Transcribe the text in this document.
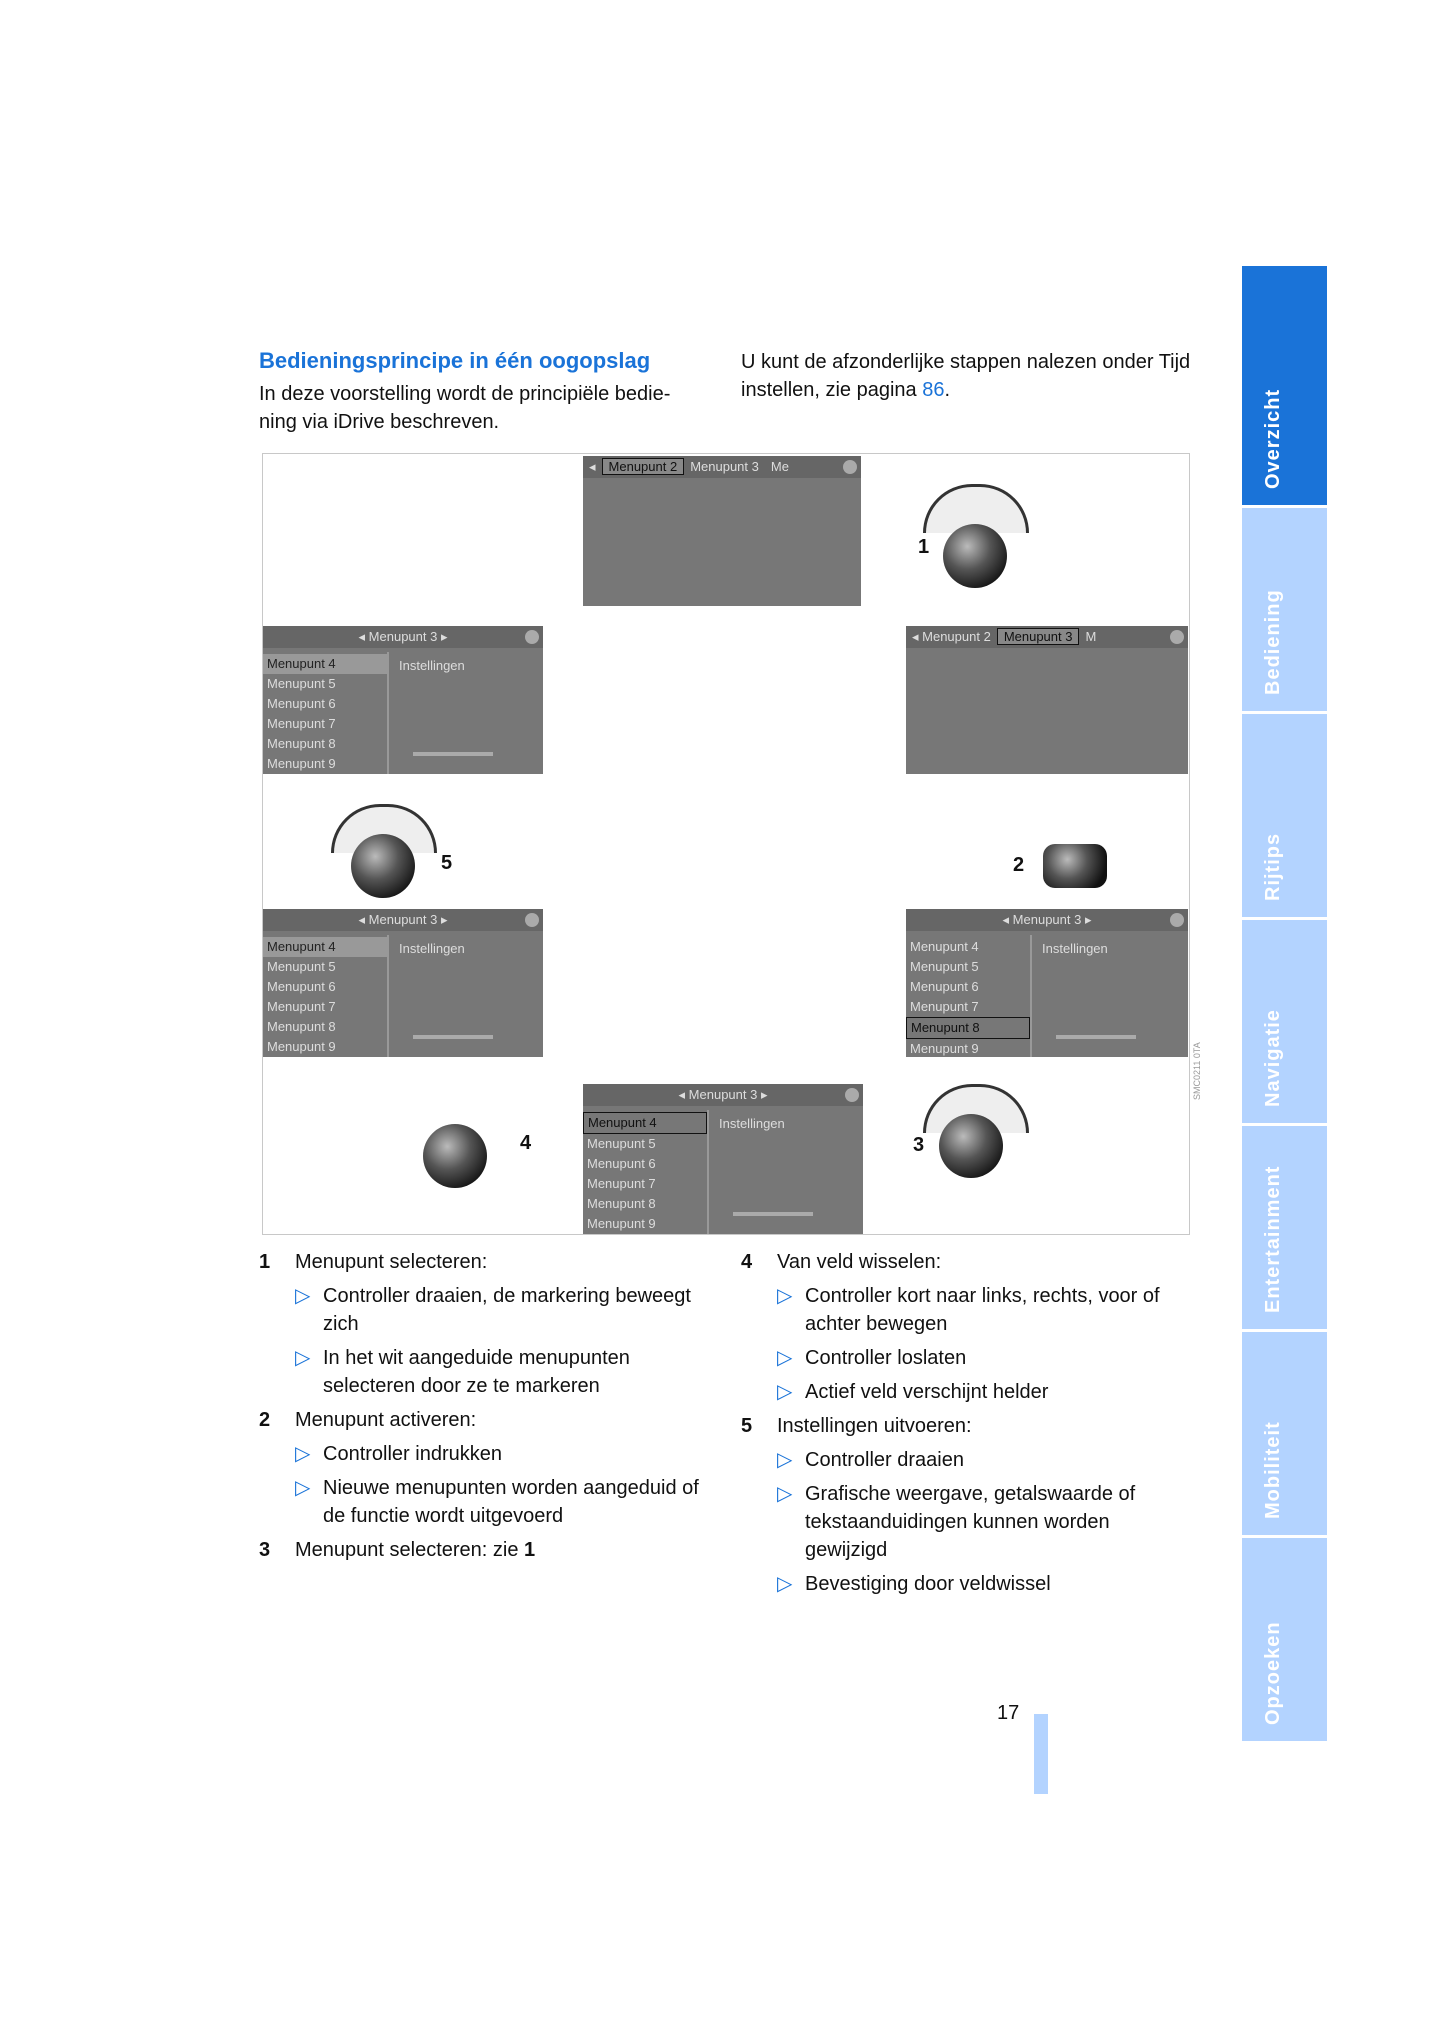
Bedieningsprincipe in één oogopslag
In deze voorstelling wordt de principiële bedie-ning via iDrive beschreven.
U kunt de afzonderlijke stappen nalezen onder Tijd instellen, zie pagina 86.
◂ Menupunt 2 Menupunt 3 Me
◂ Menupunt 2 Menupunt 3 M
◂ Menupunt 3 ▸
Menupunt 4
Menupunt 5
Menupunt 6
Menupunt 7
Menupunt 8
Menupunt 9
Instellingen
◂ Menupunt 3 ▸
Menupunt 4
Menupunt 5
Menupunt 6
Menupunt 7
Menupunt 8
Menupunt 9
Instellingen
◂ Menupunt 3 ▸
Menupunt 4
Menupunt 5
Menupunt 6
Menupunt 7
Menupunt 8
Menupunt 9
Instellingen
◂ Menupunt 3 ▸
Menupunt 4
Menupunt 5
Menupunt 6
Menupunt 7
Menupunt 8
Menupunt 9
Instellingen
1
2
3
4
5
SMC0211 0TA
1 Menupunt selecteren:
▷ Controller draaien, de markering beweegt zich
▷ In het wit aangeduide menupunten selecteren door ze te markeren
2 Menupunt activeren:
▷ Controller indrukken
▷ Nieuwe menupunten worden aangeduid of de functie wordt uitgevoerd
3 Menupunt selecteren: zie 1
4 Van veld wisselen:
▷ Controller kort naar links, rechts, voor of achter bewegen
▷ Controller loslaten
▷ Actief veld verschijnt helder
5 Instellingen uitvoeren:
▷ Controller draaien
▷ Grafische weergave, getalswaarde of tekstaanduidingen kunnen worden gewijzigd
▷ Bevestiging door veldwissel
17
Overzicht
Bediening
Rijtips
Navigatie
Entertainment
Mobiliteit
Opzoeken
